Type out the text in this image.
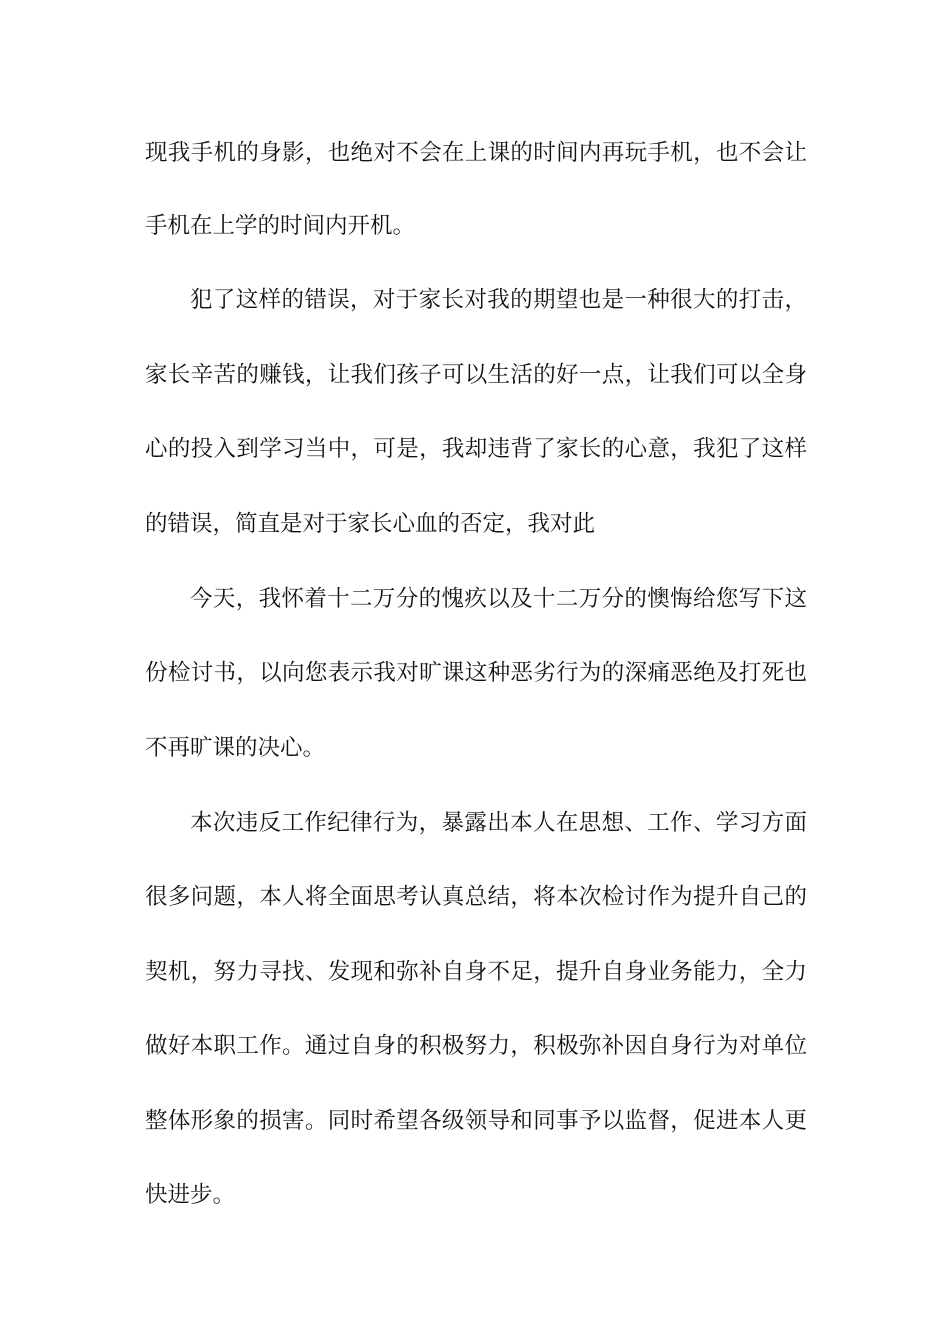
现我手机的身影，也绝对不会在上课的时间内再玩手机，也不会让

手机在上学的时间内开机。

犯了这样的错误，对于家长对我的期望也是一种很大的打击，

家长辛苦的赚钱，让我们孩子可以生活的好一点，让我们可以全身

心的投入到学习当中，可是，我却违背了家长的心意，我犯了这样

的错误，简直是对于家长心血的否定，我对此

今天，我怀着十二万分的愧疚以及十二万分的懊悔给您写下这

份检讨书，以向您表示我对旷课这种恶劣行为的深痛恶绝及打死也

不再旷课的决心。

本次违反工作纪律行为，暴露出本人在思想、工作、学习方面

很多问题，本人将全面思考认真总结，将本次检讨作为提升自己的

契机，努力寻找、发现和弥补自身不足，提升自身业务能力，全力

做好本职工作。通过自身的积极努力，积极弥补因自身行为对单位

整体形象的损害。同时希望各级领导和同事予以监督，促进本人更

快进步。
